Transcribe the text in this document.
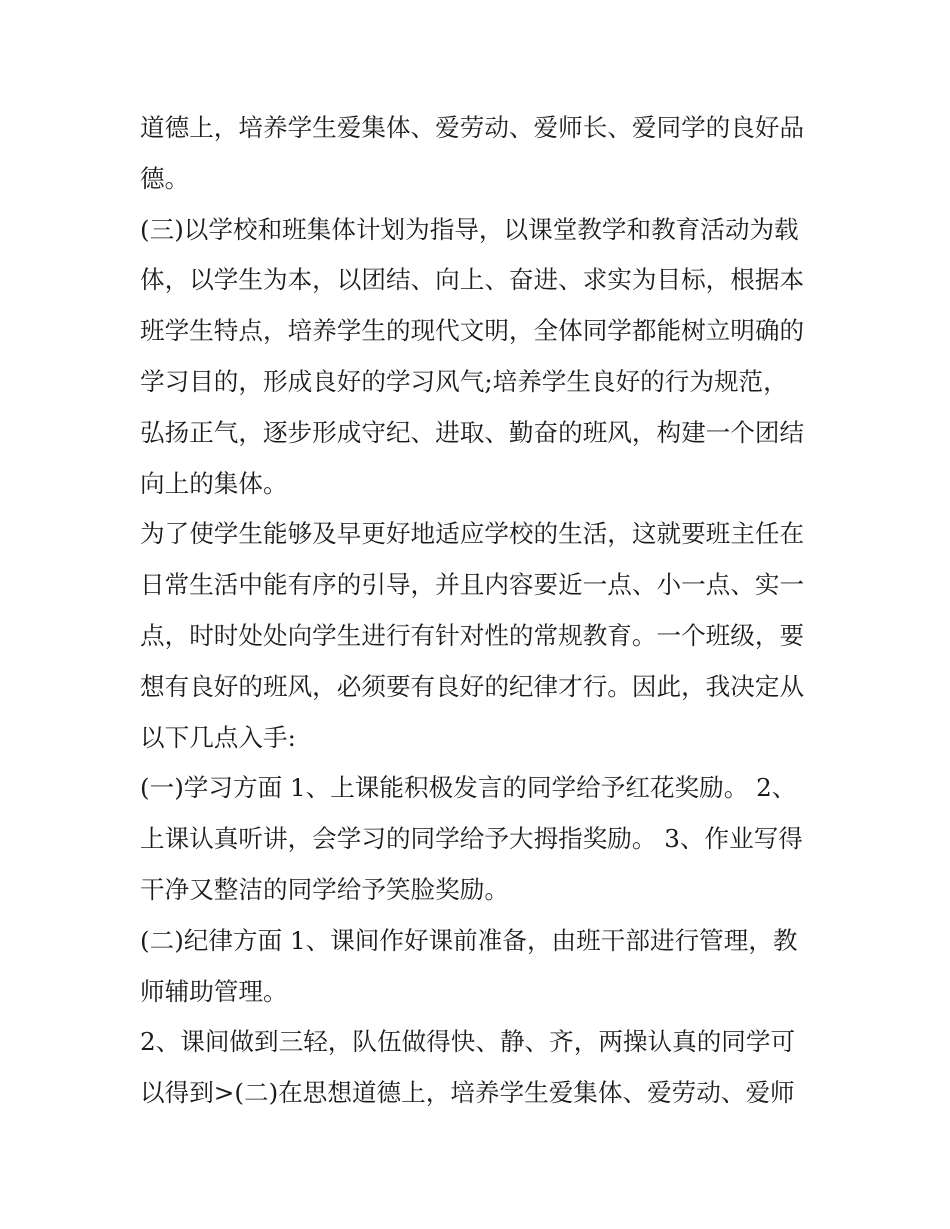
道德上，培养学生爱集体、爱劳动、爱师长、爱同学的良好品
德。
(三)以学校和班集体计划为指导，以课堂教学和教育活动为载
体，以学生为本，以团结、向上、奋进、求实为目标，根据本
班学生特点，培养学生的现代文明，全体同学都能树立明确的
学习目的，形成良好的学习风气;培养学生良好的行为规范，
弘扬正气，逐步形成守纪、进取、勤奋的班风，构建一个团结
向上的集体。
为了使学生能够及早更好地适应学校的生活，这就要班主任在
日常生活中能有序的引导，并且内容要近一点、小一点、实一
点，时时处处向学生进行有针对性的常规教育。一个班级，要
想有良好的班风，必须要有良好的纪律才行。因此，我决定从
以下几点入手:
(一)学习方面 1、上课能积极发言的同学给予红花奖励。 2、
上课认真听讲，会学习的同学给予大拇指奖励。 3、作业写得
干净又整洁的同学给予笑脸奖励。
(二)纪律方面 1、课间作好课前准备，由班干部进行管理，教
师辅助管理。
2、课间做到三轻，队伍做得快、静、齐，两操认真的同学可
以得到>(二)在思想道德上，培养学生爱集体、爱劳动、爱师
